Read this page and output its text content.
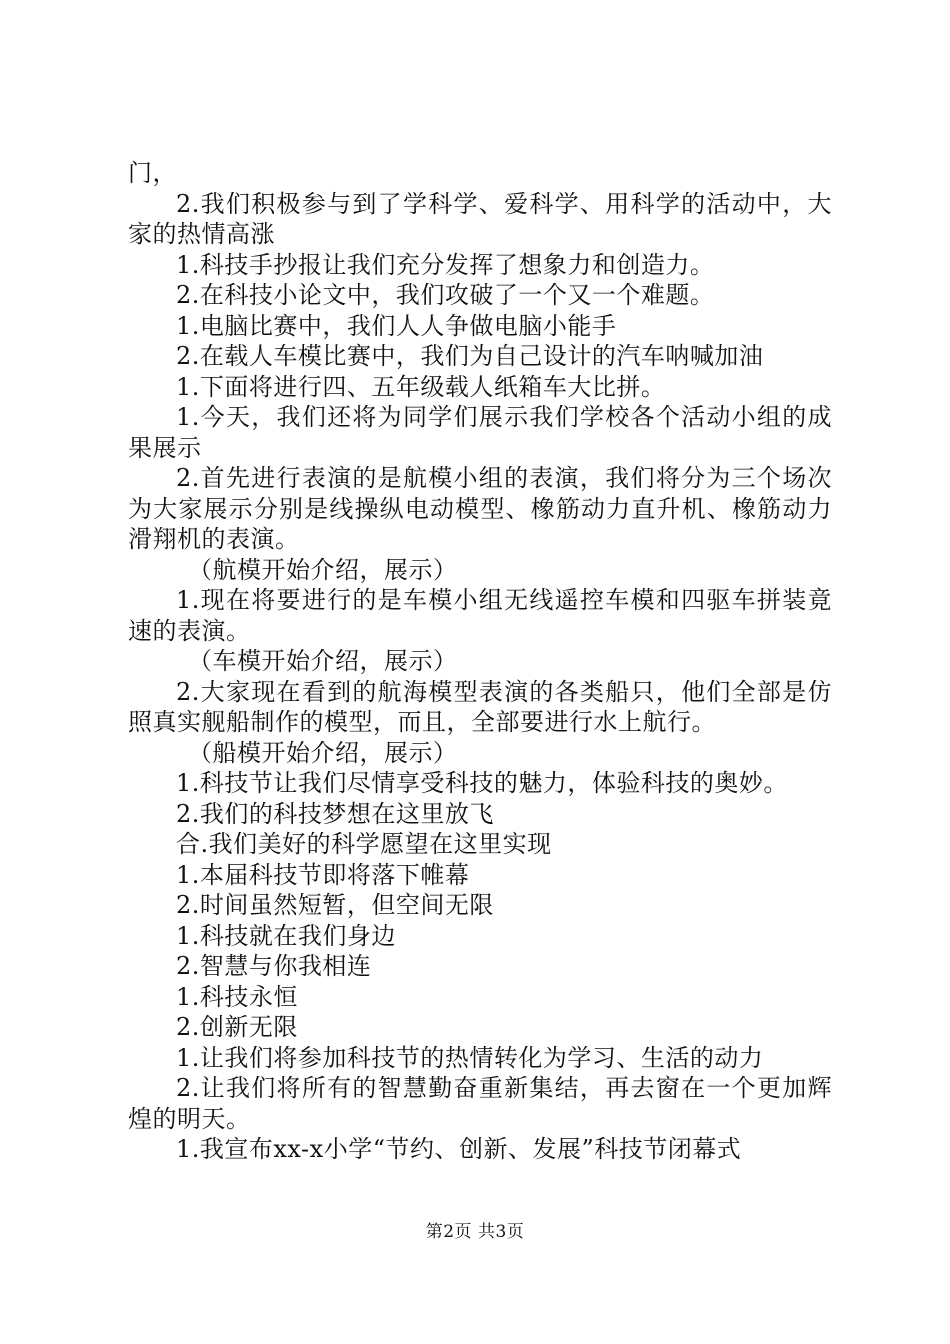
门，

2.我们积极参与到了学科学、爱科学、用科学的活动中，大家的热情高涨

1.科技手抄报让我们充分发挥了想象力和创造力。

2.在科技小论文中，我们攻破了一个又一个难题。

1.电脑比赛中，我们人人争做电脑小能手

2.在载人车模比赛中，我们为自己设计的汽车呐喊加油

1.下面将进行四、五年级载人纸箱车大比拼。

1.今天，我们还将为同学们展示我们学校各个活动小组的成果展示

2.首先进行表演的是航模小组的表演，我们将分为三个场次为大家展示分别是线操纵电动模型、橡筋动力直升机、橡筋动力滑翔机的表演。

（航模开始介绍，展示）

1.现在将要进行的是车模小组无线遥控车模和四驱车拼装竟速的表演。

（车模开始介绍，展示）

2.大家现在看到的航海模型表演的各类船只，他们全部是仿照真实舰船制作的模型，而且，全部要进行水上航行。

（船模开始介绍，展示）

1.科技节让我们尽情享受科技的魅力，体验科技的奥妙。

2.我们的科技梦想在这里放飞

合.我们美好的科学愿望在这里实现

1.本届科技节即将落下帷幕

2.时间虽然短暂，但空间无限

1.科技就在我们身边

2.智慧与你我相连

1.科技永恒

2.创新无限

1.让我们将参加科技节的热情转化为学习、生活的动力

2.让我们将所有的智慧勤奋重新集结，再去窗在一个更加辉煌的明天。

1.我宣布xx-x小学“节约、创新、发展”科技节闭幕式

第2页 共3页
